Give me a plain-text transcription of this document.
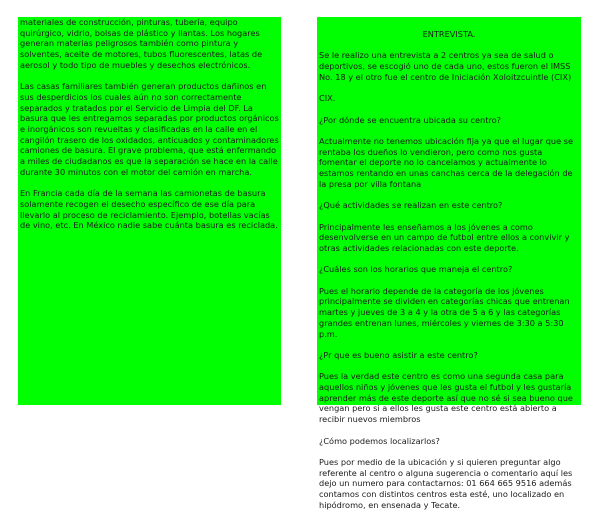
materiales de construcción, pinturas, tubería, equipo quirúrgico, vidrio, bolsas de plástico y llantas. Los hogares generan materias peligrosos también como pintura y solventes, aceite de motores, tubos fluorescentes, latas de aerosol y todo tipo de muebles y desechos electrónicos.

Las casas familiares también generan productos dañinos en sus desperdicios los cuales aún no son correctamente separados y tratados por el Servicio de Limpia del DF. La basura que les entregamos separadas por productos orgánicos e inorgánicos son revueltas y clasificadas en la calle en el cangilón trasero de los oxidados, anticuados y contaminadores camiones de basura. El grave problema, que está enfermando a miles de ciudadanos es que la separación se hace en la calle durante 30 minutos con el motor del camión en marcha.

En Francia cada día de la semana las camionetas de basura solamente recogen el desecho específico de ese día para llevarlo al proceso de reciclamiento. Ejemplo, botellas vacías de vino, etc. En México nadie sabe cuánta basura es reciclada.

ENTREVISTA.

Se le realizo una entrevista a 2 centros ya sea de salud o deportivos, se escogió uno de cada uno, estos fueron el IMSS No. 18 y el otro fue el centro de Iniciación Xoloitzcuintle (CIX)

CIX.

¿Por dónde se encuentra ubicada su centro?

Actualmente no tenemos ubicación fija ya que el lugar que se rentaba los dueños lo vendieron, pero como nos gusta fomentar el deporte no lo cancelamos y actualmente lo estamos rentando en unas canchas cerca de la delegación de la presa por villa fontana

¿Qué actividades se realizan en este centro?

Principalmente les enseñamos a los jóvenes a como desenvolverse en un campo de futbol entre ellos a convivir y otras actividades relacionadas con este deporte.

¿Cuáles son los horarios que maneja el centro?

Pues el horario depende de la categoría de los jóvenes principalmente se dividen en categorías chicas que entrenan martes y jueves de 3 a 4 y la otra de 5 a 6 y las categorías grandes entrenan lunes, miércoles y viernes de 3:30 a 5:30 p.m.

¿Pr que es bueno asistir a este centro?

Pues la verdad este centro es como una segunda casa para aquellos niños y jóvenes que les gusta el futbol y les gustaría aprender más de este deporte así que no sé si sea bueno que vengan pero si a ellos les gusta este centro está abierto a recibir nuevos miembros

¿Cómo podemos localizarlos?

Pues por medio de la ubicación y si quieren preguntar algo referente al centro o alguna sugerencia o comentario aquí les dejo un numero para contactarnos: 01 664 665 9516 además contamos con distintos centros esta esté, uno localizado en hipódromo, en ensenada y Tecate.
